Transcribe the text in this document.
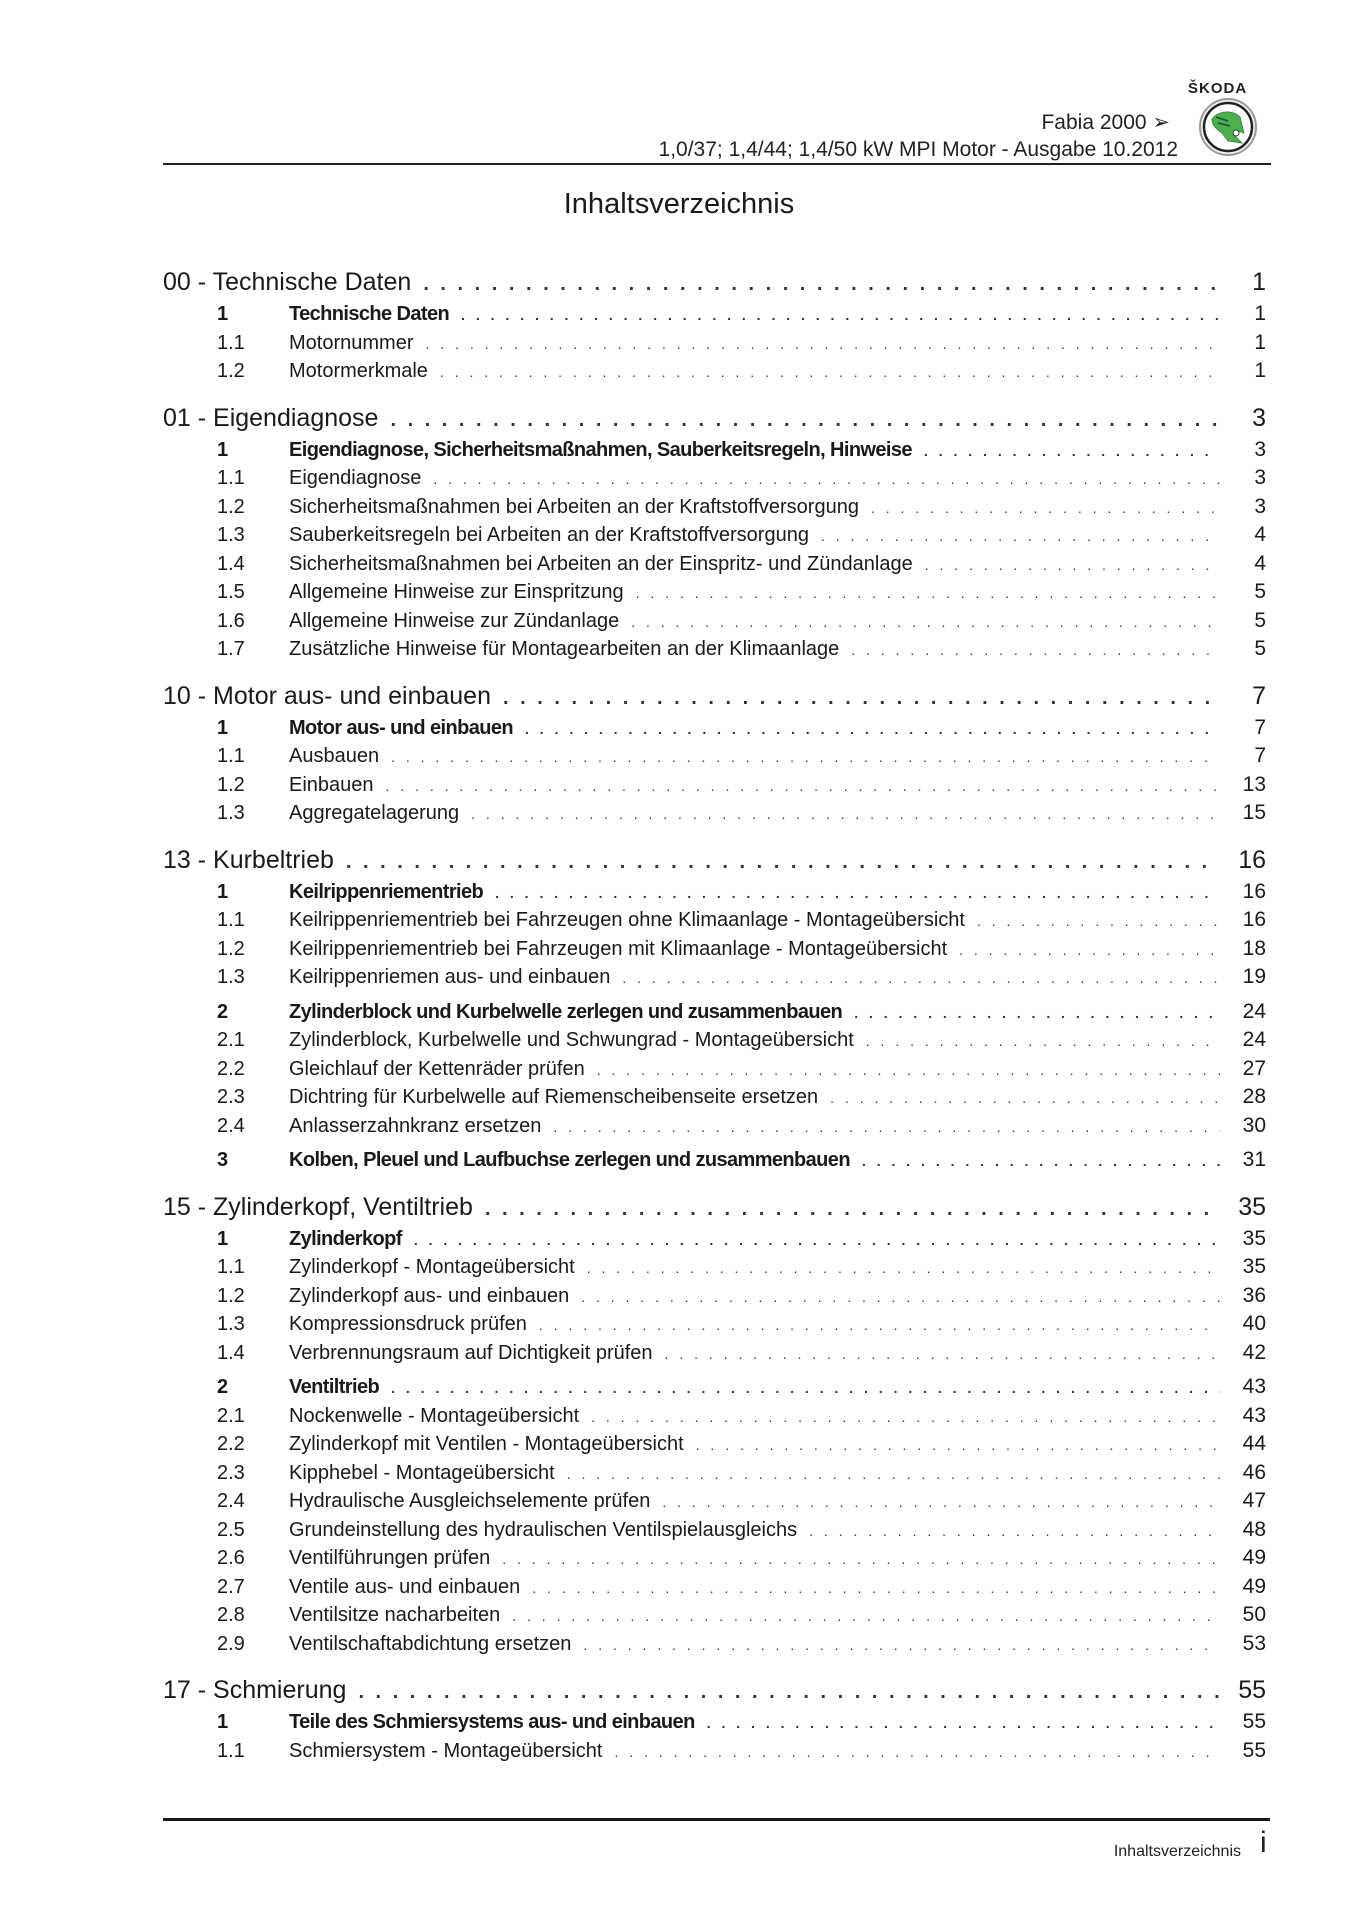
ŠKODA
Fabia 2000 ➢
1,0/37; 1,4/44; 1,4/50 kW MPI Motor - Ausgabe 10.2012
Inhaltsverzeichnis
00 - Technische Daten . . .	1
1	Technische Daten . . .	1
1.1	Motornummer . . .	1
1.2	Motormerkmale . . .	1
01 - Eigendiagnose . . .	3
1	Eigendiagnose, Sicherheitsmaßnahmen, Sauberkeitsregeln, Hinweise . . .	3
1.1	Eigendiagnose . . .	3
1.2	Sicherheitsmaßnahmen bei Arbeiten an der Kraftstoffversorgung . . .	3
1.3	Sauberkeitsregeln bei Arbeiten an der Kraftstoffversorgung . . .	4
1.4	Sicherheitsmaßnahmen bei Arbeiten an der Einspritz- und Zündanlage . . .	4
1.5	Allgemeine Hinweise zur Einspritzung . . .	5
1.6	Allgemeine Hinweise zur Zündanlage . . .	5
1.7	Zusätzliche Hinweise für Montagearbeiten an der Klimaanlage . . .	5
10 - Motor aus- und einbauen . . .	7
1	Motor aus- und einbauen . . .	7
1.1	Ausbauen . . .	7
1.2	Einbauen . . .	13
1.3	Aggregatelagerung . . .	15
13 - Kurbeltrieb . . .	16
1	Keilrippenriementrieb . . .	16
1.1	Keilrippenriementrieb bei Fahrzeugen ohne Klimaanlage - Montageübersicht . . .	16
1.2	Keilrippenriementrieb bei Fahrzeugen mit Klimaanlage - Montageübersicht . . .	18
1.3	Keilrippenriemen aus- und einbauen . . .	19
2	Zylinderblock und Kurbelwelle zerlegen und zusammenbauen . . .	24
2.1	Zylinderblock, Kurbelwelle und Schwungrad - Montageübersicht . . .	24
2.2	Gleichlauf der Kettenräder prüfen . . .	27
2.3	Dichtring für Kurbelwelle auf Riemenscheibenseite ersetzen . . .	28
2.4	Anlasserzahnkranz ersetzen . . .	30
3	Kolben, Pleuel und Laufbuchse zerlegen und zusammenbauen . . .	31
15 - Zylinderkopf, Ventiltrieb . . .	35
1	Zylinderkopf . . .	35
1.1	Zylinderkopf - Montageübersicht . . .	35
1.2	Zylinderkopf aus- und einbauen . . .	36
1.3	Kompressionsdruck prüfen . . .	40
1.4	Verbrennungsraum auf Dichtigkeit prüfen . . .	42
2	Ventiltrieb . . .	43
2.1	Nockenwelle - Montageübersicht . . .	43
2.2	Zylinderkopf mit Ventilen - Montageübersicht . . .	44
2.3	Kipphebel - Montageübersicht . . .	46
2.4	Hydraulische Ausgleichselemente prüfen . . .	47
2.5	Grundeinstellung des hydraulischen Ventilspielausgleichs . . .	48
2.6	Ventilführungen prüfen . . .	49
2.7	Ventile aus- und einbauen . . .	49
2.8	Ventilsitze nacharbeiten . . .	50
2.9	Ventilschaftabdichtung ersetzen . . .	53
17 - Schmierung . . .	55
1	Teile des Schmiersystems aus- und einbauen . . .	55
1.1	Schmiersystem - Montageübersicht . . .	55
Inhaltsverzeichnis i
